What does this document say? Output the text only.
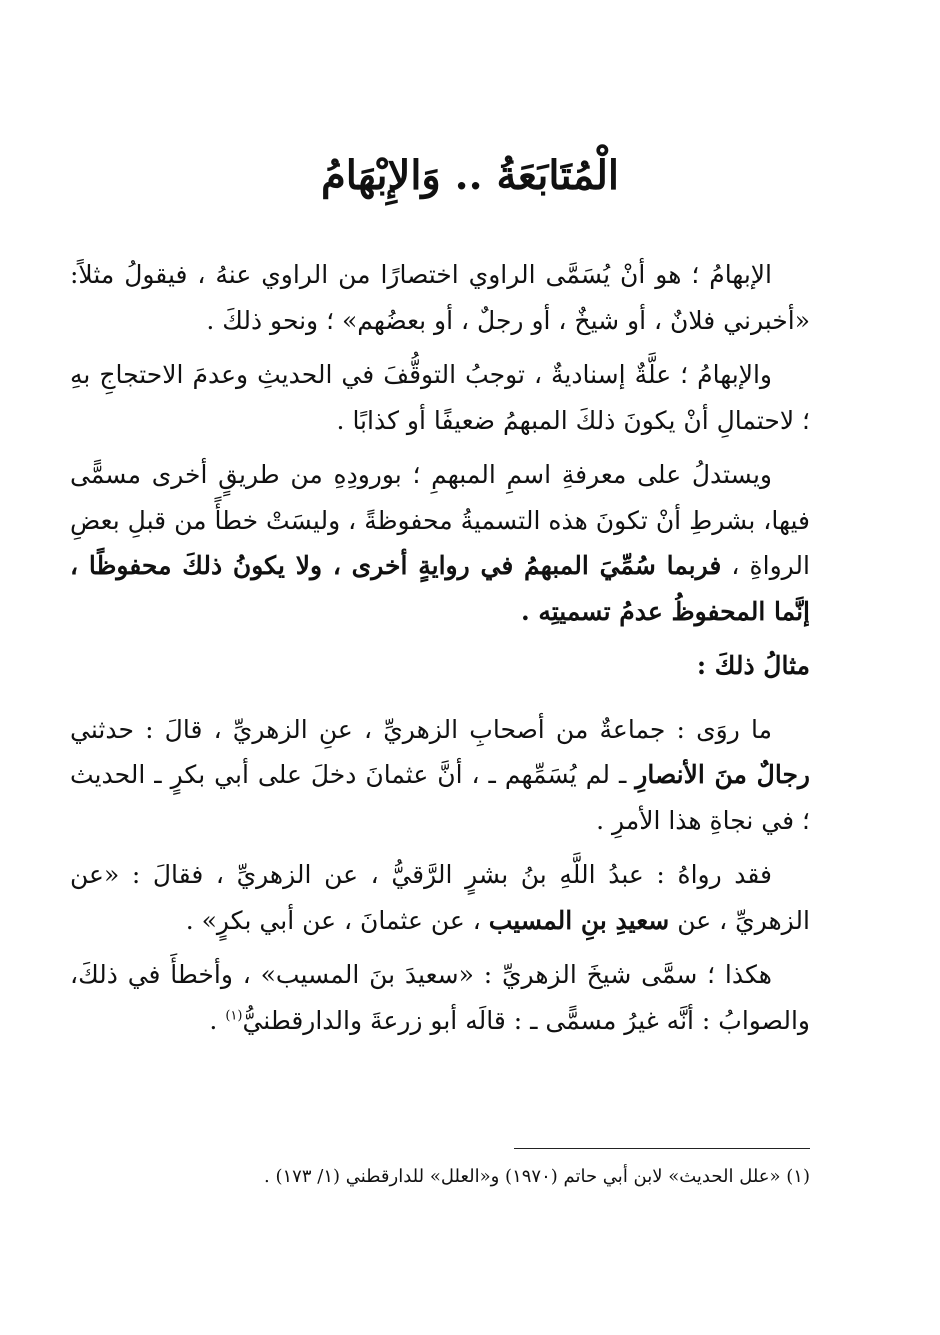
الْمُتَابَعَةُ .. وَالإِبْهَامُ

الإبهامُ ؛ هو أنْ يُسَمَّى الراوي اختصارًا من الراوي عنهُ ، فيقولُ مثلاً: «أخبرني فلانٌ ، أو شيخٌ ، أو رجلٌ ، أو بعضُهم» ؛ ونحو ذلكَ .

والإبهامُ ؛ علَّةٌ إسناديةٌ ، توجبُ التوقُّفَ في الحديثِ وعدمَ الاحتجاجِ بهِ ؛ لاحتمالِ أنْ يكونَ ذلكَ المبهمُ ضعيفًا أو كذابًا .

ويستدلُ على معرفةِ اسمِ المبهمِ ؛ بورودِهِ من طريقٍ أخرى مسمًّى فيها، بشرطِ أنْ تكونَ هذه التسميةُ محفوظةً ، وليسَتْ خطأً من قبلِ بعضِ الرواةِ ، فربما سُمِّيَ المبهمُ في روايةٍ أخرى ، ولا يكونُ ذلكَ محفوظًا ، إنَّما المحفوظُ عدمُ تسميتِه .

مثالُ ذلكَ :

ما روَى : جماعةٌ من أصحابِ الزهريِّ ، عنِ الزهريِّ ، قالَ : حدثني رجالٌ منَ الأنصارِ ـ لم يُسَمِّهم ـ ، أنَّ عثمانَ دخلَ على أبي بكرٍ ـ الحديث ؛ في نجاةِ هذا الأمرِ .

فقد رواهُ : عبدُ اللَّهِ بنُ بشرٍ الرَّقيُّ ، عن الزهريِّ ، فقالَ : «عن الزهريِّ ، عن سعيدِ بنِ المسيب ، عن عثمانَ ، عن أبي بكرٍ» .

هكذا ؛ سمَّى شيخَ الزهريِّ : «سعيدَ بنَ المسيب» ، وأخطأَ في ذلكَ، والصوابُ : أنَّه غيرُ مسمًّى ـ : قالَه أبو زرعةَ والدارقطنيُّ$^{(١)}$ .

(١) «علل الحديث» لابن أبي حاتم (١٩٧٠) و«العلل» للدارقطني (١/ ١٧٣) .
